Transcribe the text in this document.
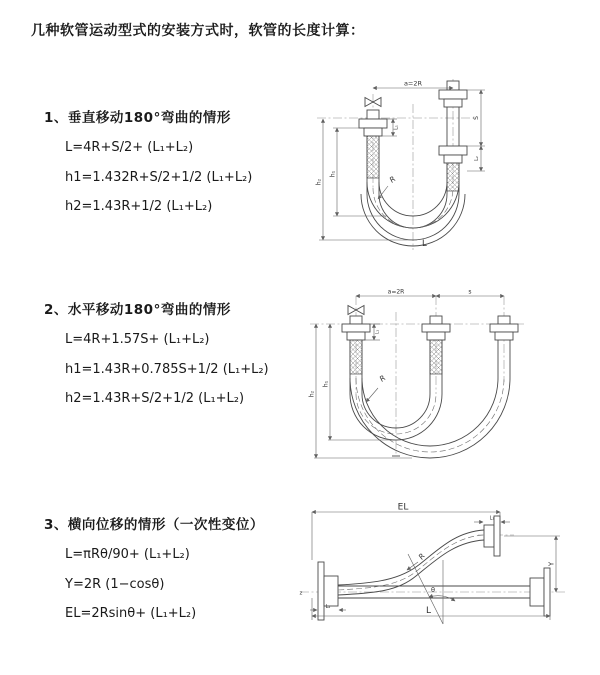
几种软管运动型式的安装方式时，软管的长度计算：
1、垂直移动180°弯曲的情形
L=4R+S/2+ (L₁+L₂)
h1=1.432R+S/2+1/2 (L₁+L₂)
h2=1.43R+1/2 (L₁+L₂)
2、水平移动180°弯曲的情形
L=4R+1.57S+ (L₁+L₂)
h1=1.43R+0.785S+1/2 (L₁+L₂)
h2=1.43R+S/2+1/2 (L₁+L₂)
3、横向位移的情形（一次性变位）
L=πRθ/90+ (L₁+L₂)
Y=2R (1−cosθ)
EL=2Rsinθ+ (L₁+L₂)
a=2R
h₂
h₁
L₁
S
L₂
R
L
a=2R	s
h₂
h₁
L₁
R
EL
L₁
Y
L
L₂
R
θ
z
